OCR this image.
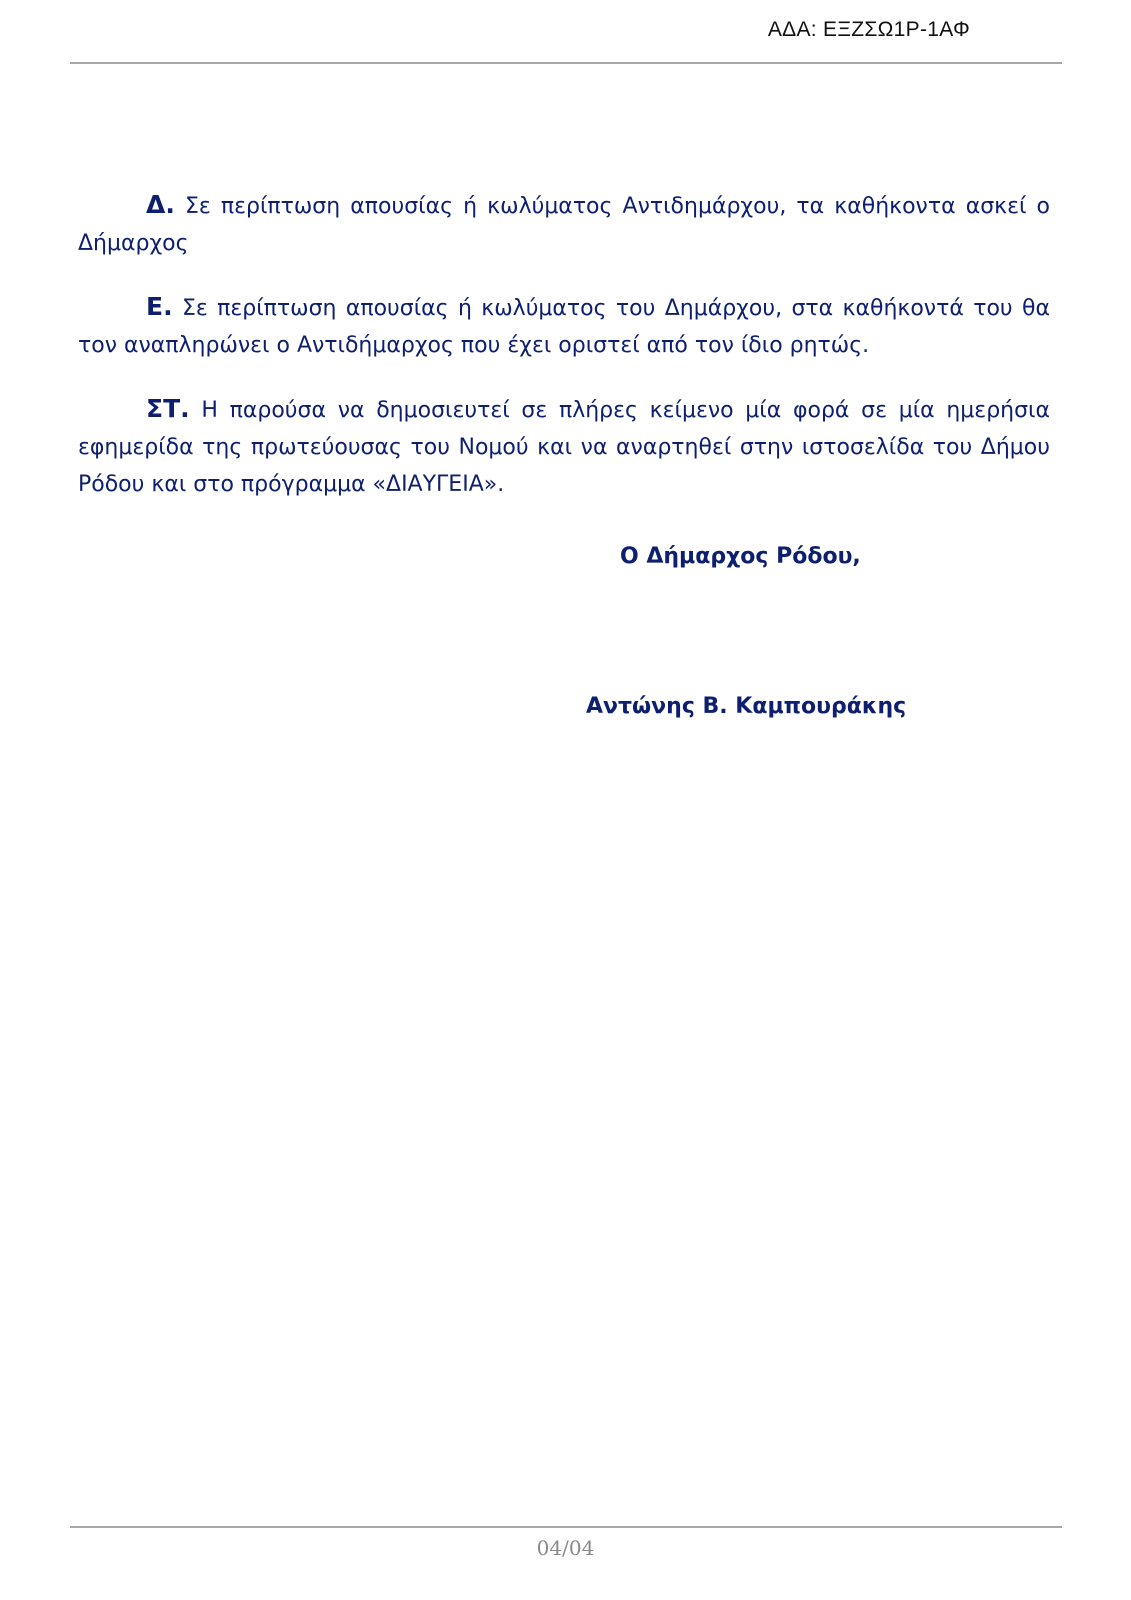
ΑΔΑ: ΕΞΖΣΩ1Ρ-1ΑΦ

Δ. Σε περίπτωση απουσίας ή κωλύματος Αντιδημάρχου, τα καθήκοντα ασκεί ο Δήμαρχος

Ε. Σε περίπτωση απουσίας ή κωλύματος του Δημάρχου, στα καθήκοντά του θα τον αναπληρώνει ο Αντιδήμαρχος που έχει οριστεί από τον ίδιο ρητώς.

ΣΤ. Η παρούσα να δημοσιευτεί σε πλήρες κείμενο μία φορά σε μία ημερήσια εφημερίδα της πρωτεύουσας του Νομού και να αναρτηθεί στην ιστοσελίδα του Δήμου Ρόδου και στο πρόγραμμα «ΔΙΑΥΓΕΙΑ».

Ο Δήμαρχος Ρόδου,
Αντώνης Β. Καμπουράκης
04/04
